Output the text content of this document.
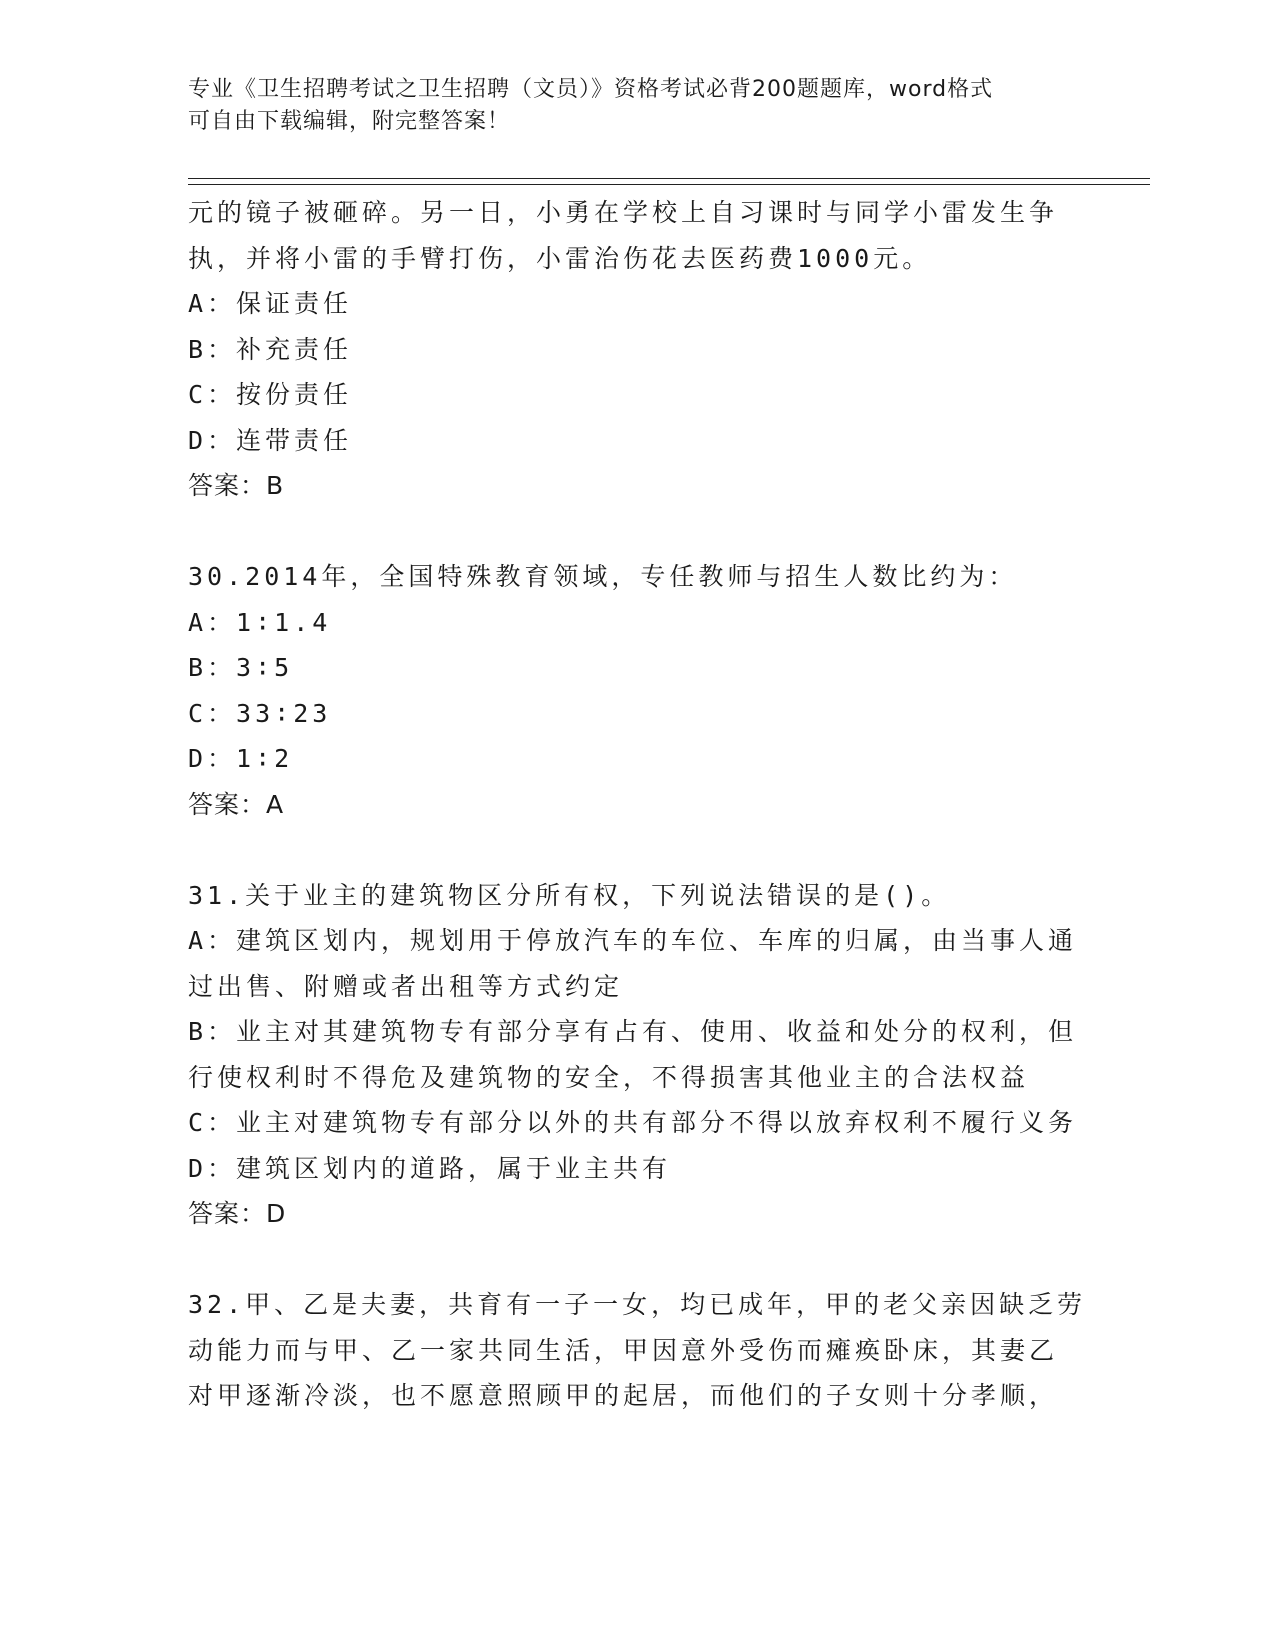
专业《卫生招聘考试之卫生招聘（文员）》资格考试必背200题题库，word格式
可自由下载编辑，附完整答案！
元的镜子被砸碎。另一日，小勇在学校上自习课时与同学小雷发生争
执，并将小雷的手臂打伤，小雷治伤花去医药费1000元。
A：保证责任
B：补充责任
C：按份责任
D：连带责任
答案：B
30.2014年，全国特殊教育领域，专任教师与招生人数比约为：
A：1∶1.4
B：3∶5
C：33∶23
D：1∶2
答案：A
31.关于业主的建筑物区分所有权，下列说法错误的是()。
A：建筑区划内，规划用于停放汽车的车位、车库的归属，由当事人通
过出售、附赠或者出租等方式约定
B：业主对其建筑物专有部分享有占有、使用、收益和处分的权利，但
行使权利时不得危及建筑物的安全，不得损害其他业主的合法权益
C：业主对建筑物专有部分以外的共有部分不得以放弃权利不履行义务
D：建筑区划内的道路，属于业主共有
答案：D
32.甲、乙是夫妻，共育有一子一女，均已成年，甲的老父亲因缺乏劳
动能力而与甲、乙一家共同生活，甲因意外受伤而瘫痪卧床，其妻乙
对甲逐渐冷淡，也不愿意照顾甲的起居，而他们的子女则十分孝顺，
